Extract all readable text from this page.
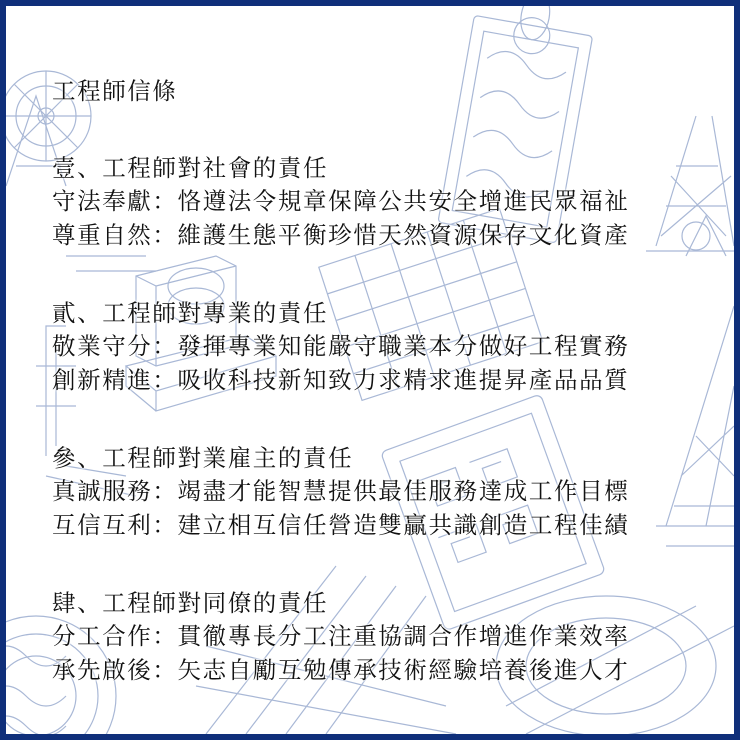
工程師信條
壹、工程師對社會的責任
守法奉獻：恪遵法令規章保障公共安全增進民眾福祉
尊重自然：維護生態平衡珍惜天然資源保存文化資產
貳、工程師對專業的責任
敬業守分：發揮專業知能嚴守職業本分做好工程實務
創新精進：吸收科技新知致力求精求進提昇產品品質
參、工程師對業雇主的責任
真誠服務：竭盡才能智慧提供最佳服務達成工作目標
互信互利：建立相互信任營造雙贏共識創造工程佳績
肆、工程師對同僚的責任
分工合作：貫徹專長分工注重協調合作增進作業效率
承先啟後：矢志自勵互勉傳承技術經驗培養後進人才
